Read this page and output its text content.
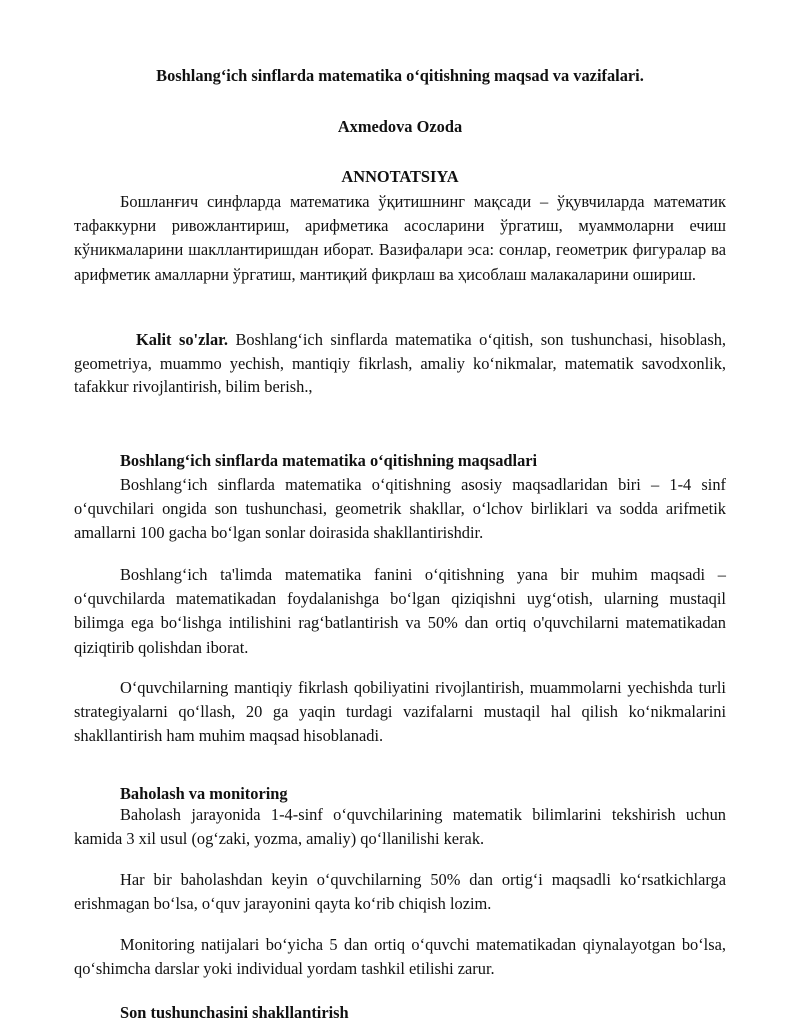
Boshlang‘ich sinflarda matematika o‘qitishning maqsad va vazifalari.
Axmedova Ozoda
ANNOTATSIYA
Бошланғич синфларда математика ўқитишнинг мақсади – ўқувчиларда математик тафаккурни ривожлантириш, арифметика асосларини ўргатиш, муаммоларни ечиш кўникмаларини шакллантиришдан иборат. Вазифалари эса: сонлар, геометрик фигуралар ва арифметик амалларни ўргатиш, мантиқий фикрлаш ва ҳисоблаш малакаларини ошириш.
Kalit so'zlar. Boshlang‘ich sinflarda matematika o‘qitish, son tushunchasi, hisoblash, geometriya, muammo yechish, mantiqiy fikrlash, amaliy ko‘nikmalar, matematik savodxonlik, tafakkur rivojlantirish, bilim berish.,
Boshlang‘ich sinflarda matematika o‘qitishning maqsadlari
Boshlang‘ich sinflarda matematika o‘qitishning asosiy maqsadlaridan biri – 1-4 sinf o‘quvchilari ongida son tushunchasi, geometrik shakllar, o‘lchov birliklari va sodda arifmetik amallarni 100 gacha bo‘lgan sonlar doirasida shakllantirishdir.
Boshlang‘ich ta'limda matematika fanini o‘qitishning yana bir muhim maqsadi – o‘quvchilarda matematikadan foydalanishga bo‘lgan qiziqishni uyg‘otish, ularning mustaqil bilimga ega bo‘lishga intilishini rag‘batlantirish va 50% dan ortiq o'quvchilarni matematikadan qiziqtirib qolishdan iborat.
O‘quvchilarning mantiqiy fikrlash qobiliyatini rivojlantirish, muammolarni yechishda turli strategiyalarni qo‘llash, 20 ga yaqin turdagi vazifalarni mustaqil hal qilish ko‘nikmalarini shakllantirish ham muhim maqsad hisoblanadi.
Baholash va monitoring
Baholash jarayonida 1-4-sinf o‘quvchilarining matematik bilimlarini tekshirish uchun kamida 3 xil usul (og‘zaki, yozma, amaliy) qo‘llanilishi kerak.
Har bir baholashdan keyin o‘quvchilarning 50% dan ortig‘i maqsadli ko‘rsatkichlarga erishmagan bo‘lsa, o‘quv jarayonini qayta ko‘rib chiqish lozim.
Monitoring natijalari bo‘yicha 5 dan ortiq o‘quvchi matematikadan qiynalayotgan bo‘lsa, qo‘shimcha darslar yoki individual yordam tashkil etilishi zarur.
Son tushunchasini shakllantirish
